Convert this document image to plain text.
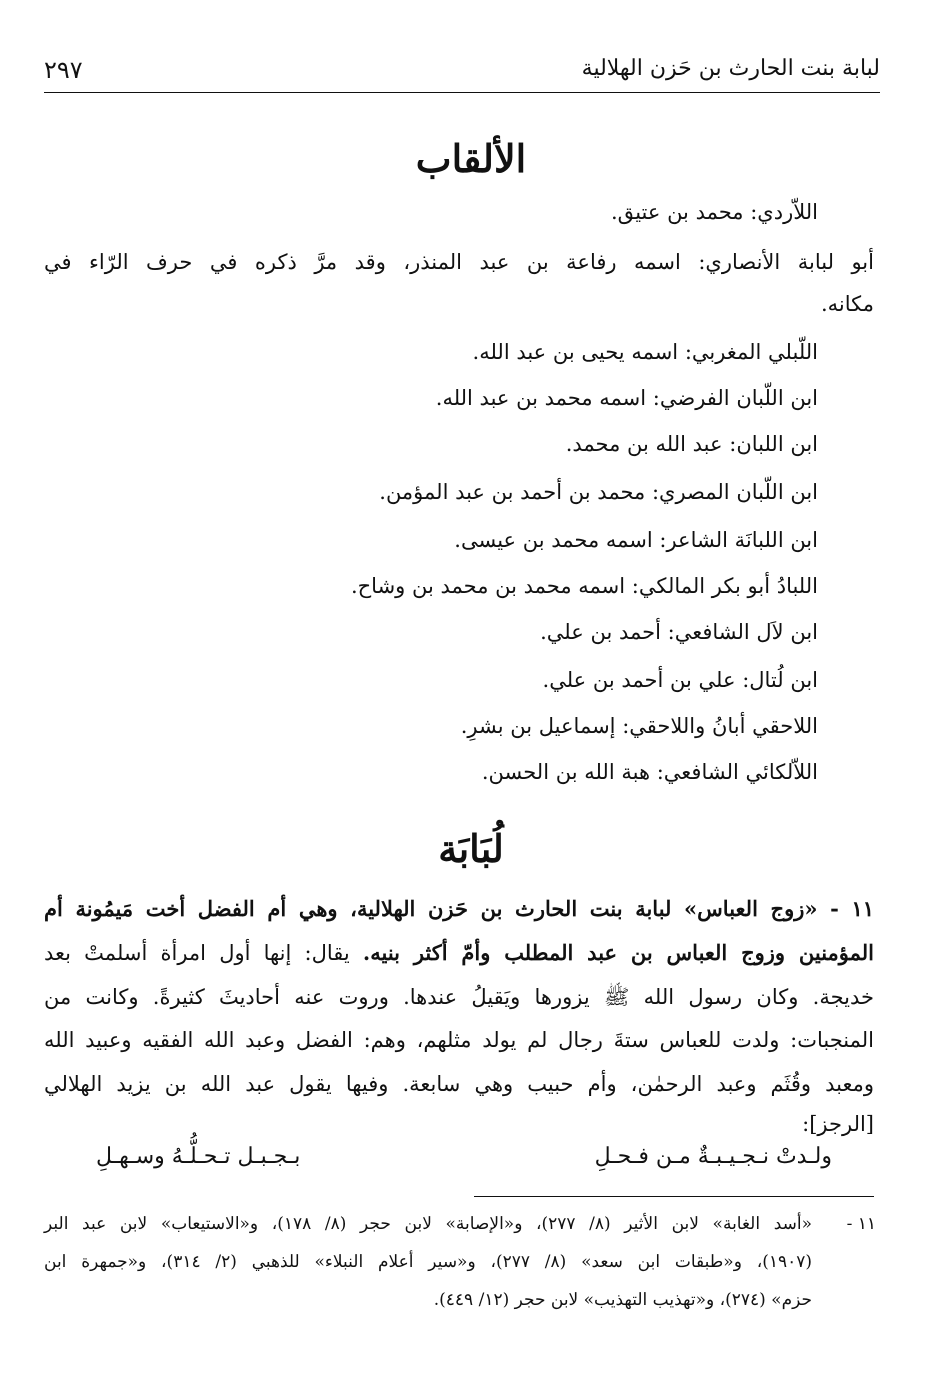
لبابة بنت الحارث بن حَزن الهلالية
٢٩٧
الألقاب
اللاّردي: محمد بن عتيق.
أبو لبابة الأنصاري: اسمه رفاعة بن عبد المنذر، وقد مرَّ ذكره في حرف الرّاء في
مكانه.
اللّبلي المغربي: اسمه يحيى بن عبد الله.
ابن اللّبان الفرضي: اسمه محمد بن عبد الله.
ابن اللبان: عبد الله بن محمد.
ابن اللّبان المصري: محمد بن أحمد بن عبد المؤمن.
ابن اللبانَة الشاعر: اسمه محمد بن عيسى.
اللبادُ أبو بكر المالكي: اسمه محمد بن محمد بن وشاح.
ابن لاَل الشافعي: أحمد بن علي.
ابن لُتال: علي بن أحمد بن علي.
اللاحقي أبانُ واللاحقي: إسماعيل بن بشرِ.
اللاّلكائي الشافعي: هبة الله بن الحسن.
لُبَابَة
١١ - «زوج العباس» لبابة بنت الحارث بن حَزن الهلالية، وهي أم الفضل أخت مَيمُونة أم
المؤمنين وزوج العباس بن عبد المطلب وأمّ أكثر بنيه. يقال: إنها أول امرأة أسلمتْ بعد
خديجة. وكان رسول الله ﷺ يزورها ويَقيلُ عندها. وروت عنه أحاديثَ كثيرةً. وكانت من
المنجبات: ولدت للعباس ستةَ رجال لم يولد مثلهم، وهم: الفضل وعبد الله الفقيه وعبيد الله
ومعبد وقُثَم وعبد الرحمٰن، وأم حبيب وهي سابعة. وفيها يقول عبد الله بن يزيد الهلالي
[الرجز]:
ولـدتْ نـجـيـبـةٌ مـن فـحـلِ
بـجـبـل تـحـلُّـهُ وسـهـلِ
١١ -
«أسد الغابة» لابن الأثير (٨/ ٢٧٧)، و«الإصابة» لابن حجر (٨/ ١٧٨)، و«الاستيعاب» لابن عبد البر
(١٩٠٧)، و«طبقات ابن سعد» (٨/ ٢٧٧)، و«سير أعلام النبلاء» للذهبي (٢/ ٣١٤)، و«جمهرة ابن
حزم» (٢٧٤)، و«تهذيب التهذيب» لابن حجر (١٢/ ٤٤٩).
